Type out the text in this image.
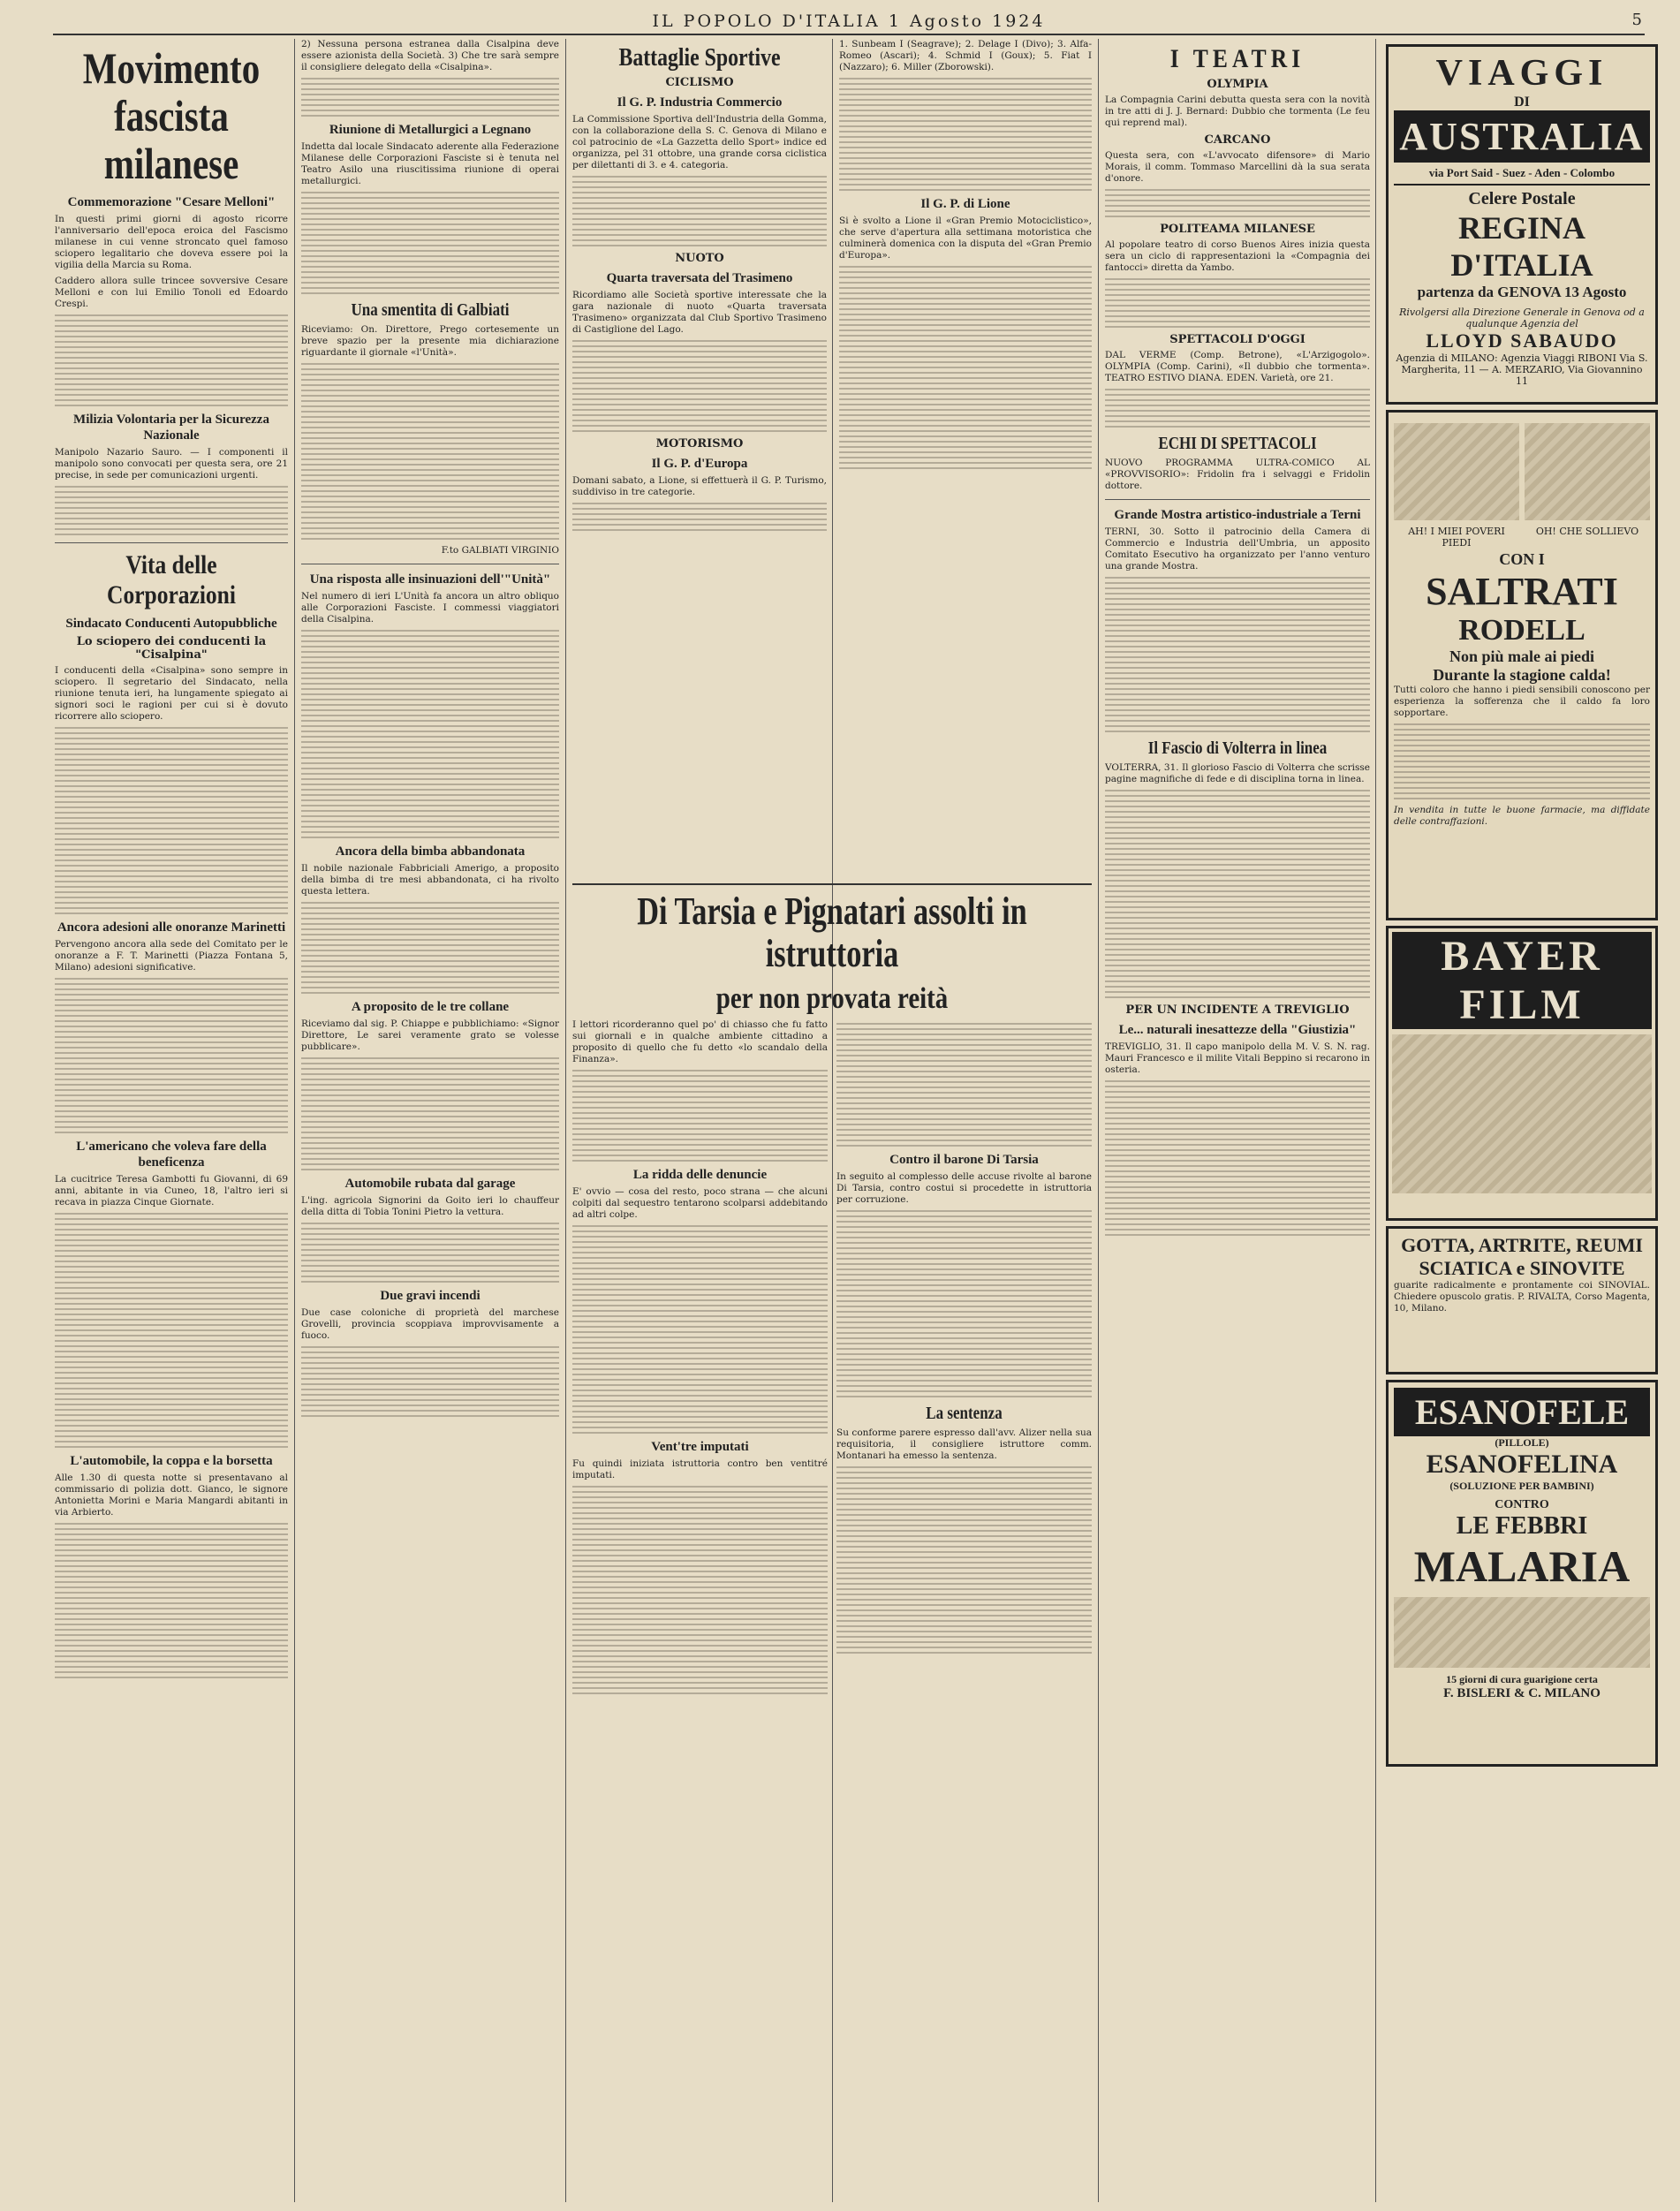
IL POPOLO D'ITALIA 1 Agosto 1924	5
Movimento fascista milanese
Commemorazione "Cesare Melloni"

In questi primi giorni di agosto ricorre l'anniversario dell'epoca eroica del Fascismo milanese in cui venne stroncato quel famoso sciopero legalitario che doveva essere poi la vigilia della Marcia su Roma.

Caddero allora sulle trincee sovversive Cesare Melloni e con lui Emilio Tonoli ed Edoardo Crespi.

Milizia Volontaria per la Sicurezza Nazionale

Manipolo Nazario Sauro. — I componenti il manipolo sono convocati per questa sera, ore 21 precise, in sede per comunicazioni urgenti.

Vita delle Corporazioni
Sindacato Conducenti Autopubbliche
Lo sciopero dei conducenti la "Cisalpina"

I conducenti della «Cisalpina» sono sempre in sciopero. Il segretario del Sindacato, nella riunione tenuta ieri, ha lungamente spiegato ai signori soci le ragioni per cui si è dovuto ricorrere allo sciopero.

Ancora adesioni alle onoranze Marinetti

Pervengono ancora alla sede del Comitato per le onoranze a F. T. Marinetti (Piazza Fontana 5, Milano) adesioni significative.

L'americano che voleva fare della beneficenza

La cucitrice Teresa Gambotti fu Giovanni, di 69 anni, abitante in via Cuneo, 18, l'altro ieri si recava in piazza Cinque Giornate.

L'automobile, la coppa e la borsetta

Alle 1.30 di questa notte si presentavano al commissario di polizia dott. Gianco, le signore Antonietta Morini e Maria Mangardi abitanti in via Arbierto.

2) Nessuna persona estranea dalla Cisalpina deve essere azionista della Società. 3) Che tre sarà sempre il consigliere delegato della «Cisalpina».

Riunione di Metallurgici a Legnano

Indetta dal locale Sindacato aderente alla Federazione Milanese delle Corporazioni Fasciste si è tenuta nel Teatro Asilo una riuscitissima riunione di operai metallurgici.

Una smentita di Galbiati

Riceviamo: On. Direttore, Prego cortesemente un breve spazio per la presente mia dichiarazione riguardante il giornale «l'Unità».

F.to GALBIATI VIRGINIO

Una risposta alle insinuazioni dell'"Unità"

Nel numero di ieri L'Unità fa ancora un altro obliquo alle Corporazioni Fasciste. I commessi viaggiatori della Cisalpina.

Ancora della bimba abbandonata

Il nobile nazionale Fabbriciali Amerigo, a proposito della bimba di tre mesi abbandonata, ci ha rivolto questa lettera.

A proposito de le tre collane

Riceviamo dal sig. P. Chiappe e pubblichiamo: «Signor Direttore, Le sarei veramente grato se volesse pubblicare».

Automobile rubata dal garage

L'ing. agricola Signorini da Goito ieri lo chauffeur della ditta di Tobia Tonini Pietro la vettura.

Due gravi incendi

Due case coloniche di proprietà del marchese Grovelli, provincia scoppiava improvvisamente a fuoco.

Battaglie Sportive
CICLISMO
Il G. P. Industria Commercio

La Commissione Sportiva dell'Industria della Gomma, con la collaborazione della S. C. Genova di Milano e col patrocinio de «La Gazzetta dello Sport» indice ed organizza, pel 31 ottobre, una grande corsa ciclistica per dilettanti di 3. e 4. categoria.

NUOTO
Quarta traversata del Trasimeno

Ricordiamo alle Società sportive interessate che la gara nazionale di nuoto «Quarta traversata Trasimeno» organizzata dal Club Sportivo Trasimeno di Castiglione del Lago.

MOTORISMO
Il G. P. d'Europa

Domani sabato, a Lione, si effettuerà il G. P. Turismo, suddiviso in tre categorie.

1. Sunbeam I (Seagrave); 2. Delage I (Divo); 3. Alfa-Romeo (Ascari); 4. Schmid I (Goux); 5. Fiat I (Nazzaro); 6. Miller (Zborowski).

Il G. P. di Lione

Si è svolto a Lione il «Gran Premio Motociclistico», che serve d'apertura alla settimana motoristica che culminerà domenica con la disputa del «Gran Premio d'Europa».

Di Tarsia e Pignatari assolti in istruttoria
per non provata reità

I lettori ricorderanno quel po' di chiasso che fu fatto sui giornali e in qualche ambiente cittadino a proposito di quello che fu detto «lo scandalo della Finanza».

La ridda delle denuncie

E' ovvio — cosa del resto, poco strana — che alcuni colpiti dal sequestro tentarono scolparsi addebitando ad altri colpe.

Vent'tre imputati

Fu quindi iniziata istruttoria contro ben ventitré imputati.

Contro il barone Di Tarsia

In seguito al complesso delle accuse rivolte al barone Di Tarsia, contro costui si procedette in istruttoria per corruzione.

La sentenza

Su conforme parere espresso dall'avv. Alizer nella sua requisitoria, il consigliere istruttore comm. Montanari ha emesso la sentenza.

I TEATRI
OLYMPIA

La Compagnia Carini debutta questa sera con la novità in tre atti di J. J. Bernard: Dubbio che tormenta (Le feu qui reprend mal).

CARCANO

Questa sera, con «L'avvocato difensore» di Mario Morais, il comm. Tommaso Marcellini dà la sua serata d'onore.

POLITEAMA MILANESE

Al popolare teatro di corso Buenos Aires inizia questa sera un ciclo di rappresentazioni la «Compagnia dei fantocci» diretta da Yambo.

SPETTACOLI D'OGGI

DAL VERME (Comp. Betrone), «L'Arzigogolo». OLYMPIA (Comp. Carini), «Il dubbio che tormenta». TEATRO ESTIVO DIANA. EDEN. Varietà, ore 21.

ECHI DI SPETTACOLI

NUOVO PROGRAMMA ULTRA-COMICO AL «PROVVISORIO»: Fridolin fra i selvaggi e Fridolin dottore.

Grande Mostra artistico-industriale a Terni

TERNI, 30. Sotto il patrocinio della Camera di Commercio e Industria dell'Umbria, un apposito Comitato Esecutivo ha organizzato per l'anno venturo una grande Mostra.

Il Fascio di Volterra in linea

VOLTERRA, 31. Il glorioso Fascio di Volterra che scrisse pagine magnifiche di fede e di disciplina torna in linea.

PER UN INCIDENTE A TREVIGLIO
Le... naturali inesattezze della "Giustizia"

TREVIGLIO, 31. Il capo manipolo della M. V. S. N. rag. Mauri Francesco e il milite Vitali Beppino si recarono in osteria.

VIAGGI
DI
AUSTRALIA
via Port Said - Suez - Aden - Colombo
Celere Postale
REGINA D'ITALIA
partenza da GENOVA 13 Agosto
Rivolgersi alla Direzione Generale in Genova od a qualunque Agenzia del
LLOYD SABAUDO
Agenzia di MILANO: Agenzia Viaggi RIBONI Via S. Margherita, 11 — A. MERZARIO, Via Giovannino 11
AH! I MIEI POVERI PIEDI
OH! CHE SOLLIEVO
CON I
SALTRATI
RODELL
Non più male ai piedi
Durante la stagione calda!

Tutti coloro che hanno i piedi sensibili conoscono per esperienza la sofferenza che il caldo fa loro sopportare.

In vendita in tutte le buone farmacie, ma diffidate delle contraffazioni.

BAYER
FILM
GOTTA, ARTRITE, REUMI
SCIATICA e SINOVITE

guarite radicalmente e prontamente coi SINOVIAL. Chiedere opuscolo gratis. P. RIVALTA, Corso Magenta, 10, Milano.

ESANOFELE
(PILLOLE)
ESANOFELINA
(SOLUZIONE PER BAMBINI)
CONTRO
LE FEBBRI
MALARIA
15 giorni di cura guarigione certa
F. BISLERI & C. MILANO
